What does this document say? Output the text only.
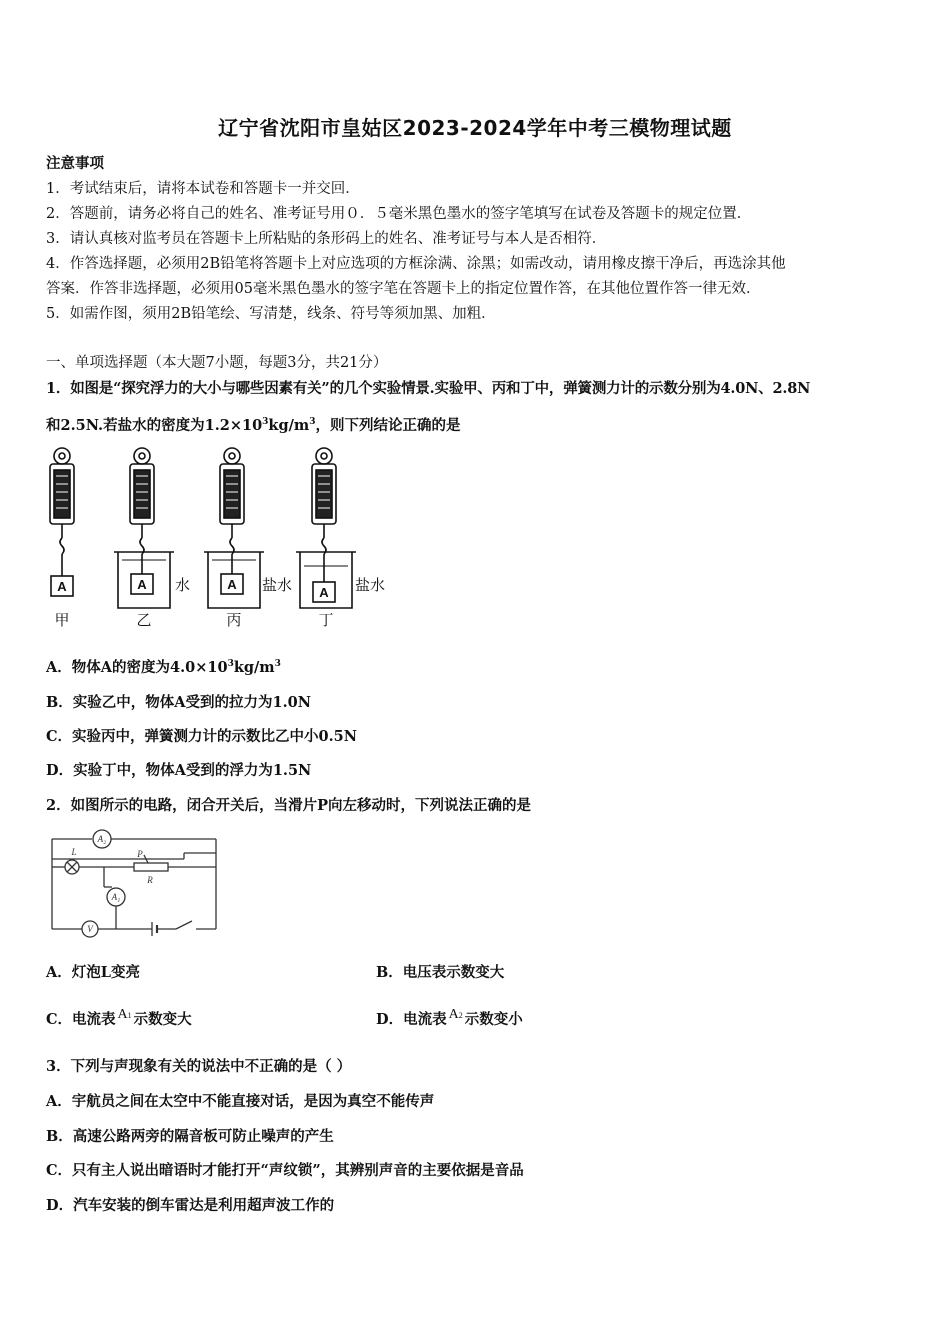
辽宁省沈阳市皇姑区2023-2024学年中考三模物理试题
注意事项
1．考试结束后，请将本试卷和答题卡一并交回．
2．答题前，请务必将自己的姓名、准考证号用０．５毫米黑色墨水的签字笔填写在试卷及答题卡的规定位置．
3．请认真核对监考员在答题卡上所粘贴的条形码上的姓名、准考证号与本人是否相符．
4．作答选择题，必须用2B铅笔将答题卡上对应选项的方框涂满、涂黑；如需改动，请用橡皮擦干净后，再选涂其他
答案．作答非选择题，必须用05毫米黑色墨水的签字笔在答题卡上的指定位置作答，在其他位置作答一律无效．
5．如需作图，须用2B铅笔绘、写清楚，线条、符号等须加黑、加粗．
一、单项选择题（本大题7小题，每题3分，共21分）
1．如图是“探究浮力的大小与哪些因素有关”的几个实验情景.实验甲、丙和丁中，弹簧测力计的示数分别为4.0N、2.8N
和2.5N.若盐水的密度为$1.2\times 10^3kg/m^3$，则下列结论正确的是
A	A	A
A
水	盐水	盐水
甲	乙	丙	丁
A．物体A的密度为$4.0\times 10^3kg/m^3$
B．实验乙中，物体A受到的拉力为1.0N
C．实验丙中，弹簧测力计的示数比乙中小0.5N
D．实验丁中，物体A受到的浮力为1.5N
2．如图所示的电路，闭合开关后，当滑片P向左移动时，下列说法正确的是
A₂
L	P
R
A₁
V
A．灯泡L变亮	B．电压表示数变大
C．电流表 A1 示数变大	D．电流表 A2 示数变小
3．下列与声现象有关的说法中不正确的是（ ）
A．宇航员之间在太空中不能直接对话，是因为真空不能传声
B．高速公路两旁的隔音板可防止噪声的产生
C．只有主人说出暗语时才能打开“声纹锁”，其辨别声音的主要依据是音品
D．汽车安装的倒车雷达是利用超声波工作的
